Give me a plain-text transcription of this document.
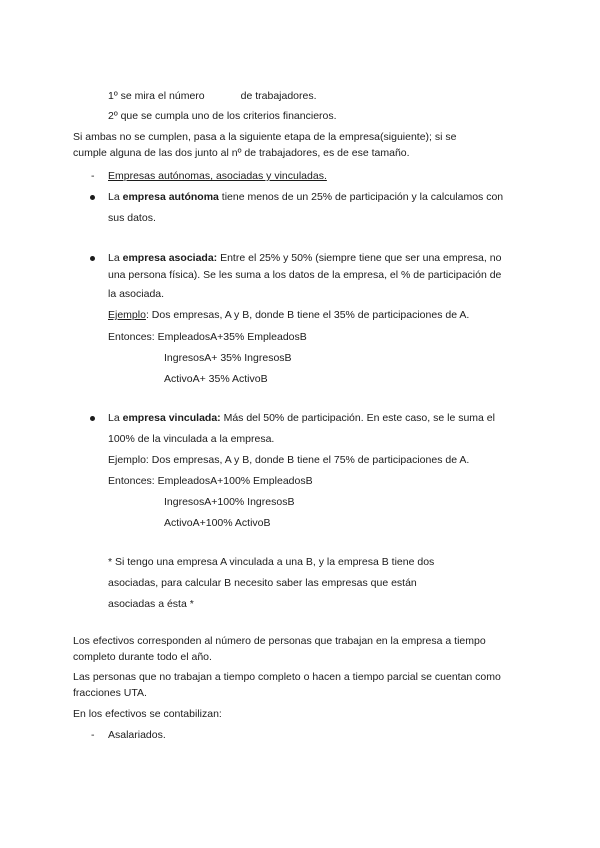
1º se mira el número	de trabajadores.
2º que se cumpla uno de los criterios financieros.
Si ambas no se cumplen, pasa a la siguiente etapa de la empresa(siguiente); si se
cumple alguna de las dos junto al nº de trabajadores, es de ese tamaño.
- Empresas autónomas, asociadas y vinculadas.
La empresa autónoma tiene menos de un 25% de participación y la calculamos con
sus datos.
La empresa asociada: Entre el 25% y 50% (siempre tiene que ser una empresa, no
una persona física). Se les suma a los datos de la empresa, el % de participación de
la asociada.
Ejemplo: Dos empresas, A y B, donde B tiene el 35% de participaciones de A.
Entonces: EmpleadosA+35% EmpleadosB
IngresosA+ 35% IngresosB
ActivoA+ 35% ActivoB
La empresa vinculada: Más del 50% de participación. En este caso, se le suma el
100% de la vinculada a la empresa.
Ejemplo: Dos empresas, A y B, donde B tiene el 75% de participaciones de A.
Entonces: EmpleadosA+100% EmpleadosB
IngresosA+100% IngresosB
ActivoA+100% ActivoB
* Si tengo una empresa A vinculada a una B, y la empresa B tiene dos
asociadas, para calcular B necesito saber las empresas que están
asociadas a ésta *
Los efectivos corresponden al número de personas que trabajan en la empresa a tiempo
completo durante todo el año.
Las personas que no trabajan a tiempo completo o hacen a tiempo parcial se cuentan como
fracciones UTA.
En los efectivos se contabilizan:
- Asalariados.
